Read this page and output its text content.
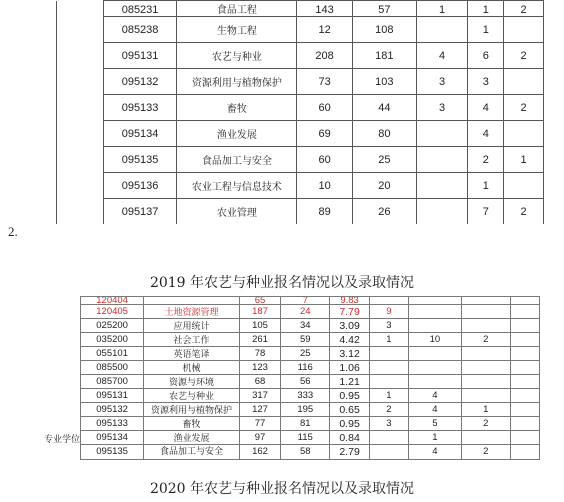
2.
	085231	食品工程	143	57	1	1	2
	085238	生物工程	12	108		1	
	095131	农艺与种业	208	181	4	6	2
	095132	资源利用与植物保护	73	103	3	3	
	095133	畜牧	60	44	3	4	2
	095134	渔业发展	69	80		4	
	095135	食品加工与安全	60	25		2	1
	095136	农业工程与信息技术	10	20		1	
	095137	农业管理	89	26		7	2
2019 年农艺与种业报名情况以及录取情况
	120404		65	7	9.83				
	120405	土地资源管理	187	24	7.79	9			
	025200	应用统计	105	34	3.09	3			
	035200	社会工作	261	59	4.42	1	10	2	
	055101	英语笔译	78	25	3.12				
	085500	机械	123	116	1.06				
	085700	资源与环境	68	56	1.21				
	095131	农艺与种业	317	333	0.95	1	4		
	095132	资源利用与植物保护	127	195	0.65	2	4	1	
	095133	畜牧	77	81	0.95	3	5	2	
专业学位	095134	渔业发展	97	115	0.84		1		
	095135	食品加工与安全	162	58	2.79		4	2	
2020 年农艺与种业报名情况以及录取情况
